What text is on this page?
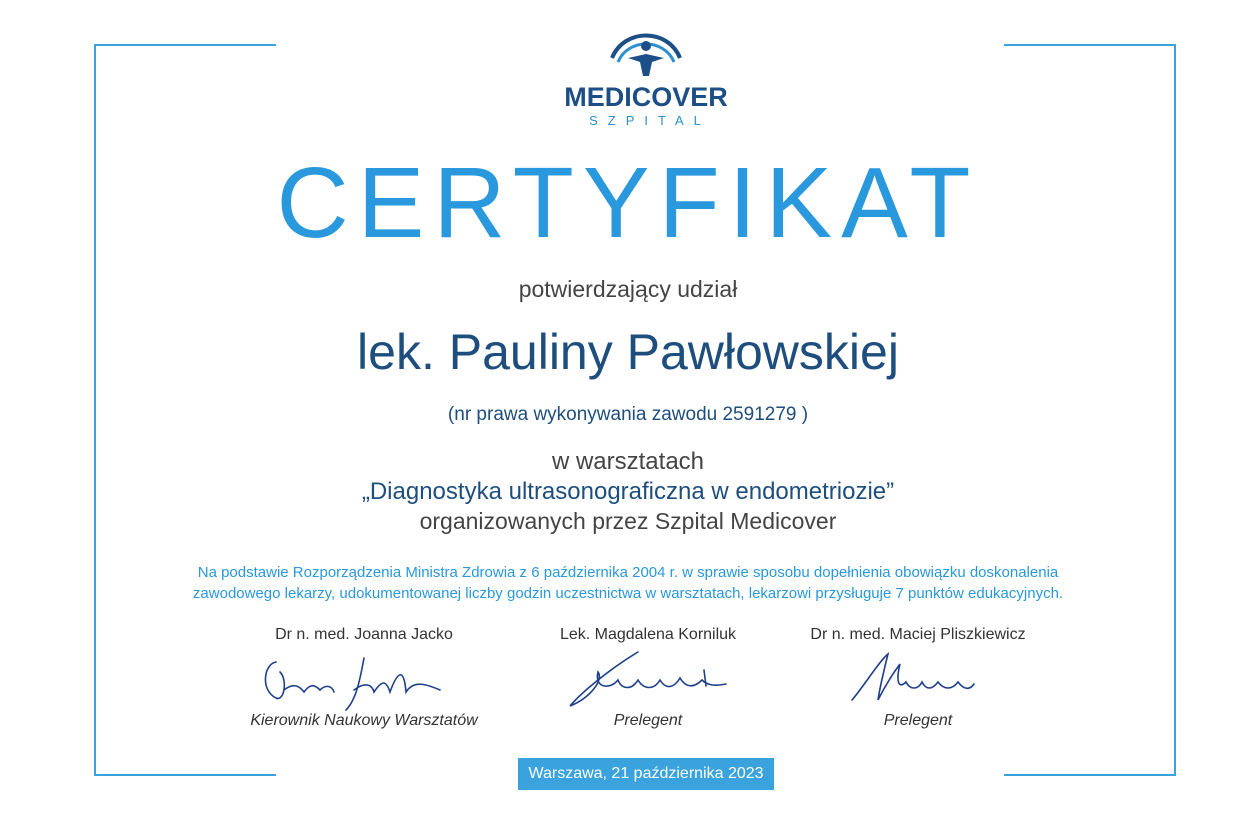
MEDICOVER
SZPITAL
CERTYFIKAT
potwierdzający udział
lek. Pauliny Pawłowskiej
(nr prawa wykonywania zawodu 2591279 )
w warsztatach
„Diagnostyka ultrasonograficzna w endometriozie”
organizowanych przez Szpital Medicover
Na podstawie Rozporządzenia Ministra Zdrowia z 6 października 2004 r. w sprawie sposobu dopełnienia obowiązku doskonalenia
zawodowego lekarzy, udokumentowanej liczby godzin uczestnictwa w warsztatach, lekarzowi przysługuje 7 punktów edukacyjnych.
Dr n. med. Joanna Jacko
Kierownik Naukowy Warsztatów
Lek. Magdalena Korniluk
Prelegent
Dr n. med. Maciej Pliszkiewicz
Prelegent
Warszawa, 21 października 2023
